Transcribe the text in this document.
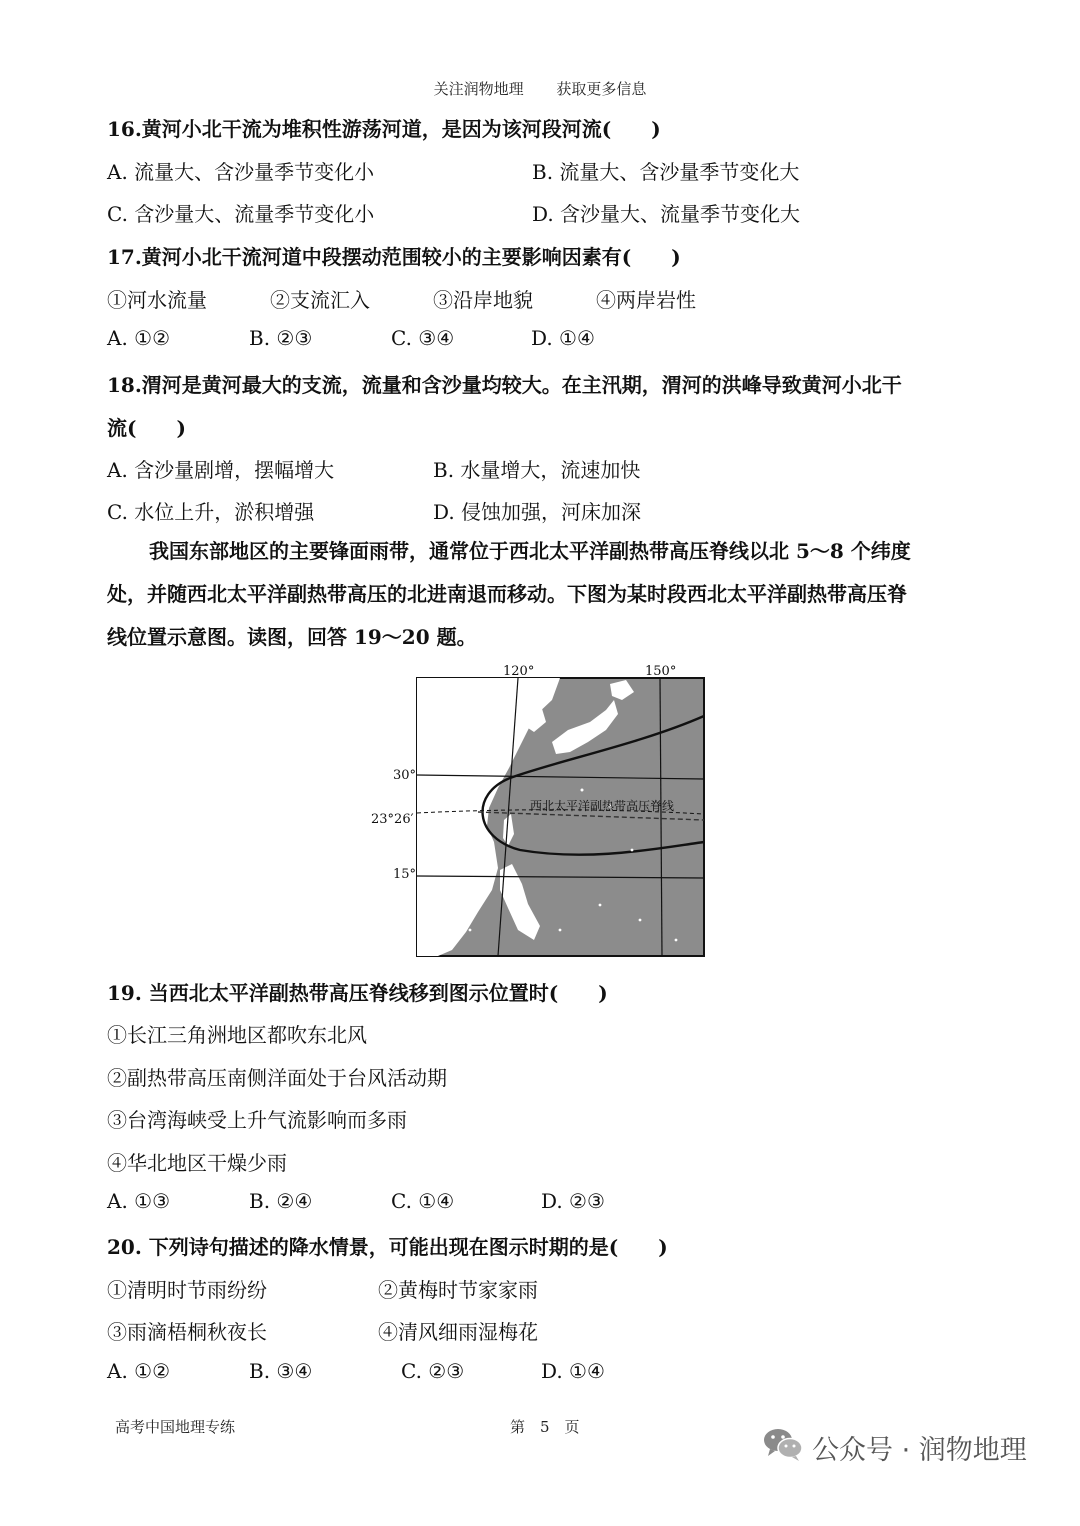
关注润物地理 获取更多信息
16.黄河小北干流为堆积性游荡河道，是因为该河段河流(　　)
A. 流量大、含沙量季节变化小	B. 流量大、含沙量季节变化大
C. 含沙量大、流量季节变化小	D. 含沙量大、流量季节变化大
17.黄河小北干流河道中段摆动范围较小的主要影响因素有(　　)
①河水流量	②支流汇入	③沿岸地貌	④两岸岩性
A. ①②	B. ②③	C. ③④	D. ①④
18.渭河是黄河最大的支流，流量和含沙量均较大。在主汛期，渭河的洪峰导致黄河小北干
流(　　)
A. 含沙量剧增，摆幅增大	B. 水量增大，流速加快
C. 水位上升，淤积增强	D. 侵蚀加强，河床加深
我国东部地区的主要锋面雨带，通常位于西北太平洋副热带高压脊线以北 5～8 个纬度
处，并随西北太平洋副热带高压的北进南退而移动。下图为某时段西北太平洋副热带高压脊
线位置示意图。读图，回答 19～20 题。
120°	150°
30°
23°26′
15°
西北太平洋副热带高压脊线
19. 当西北太平洋副热带高压脊线移到图示位置时(　　)
①长江三角洲地区都吹东北风
②副热带高压南侧洋面处于台风活动期
③台湾海峡受上升气流影响而多雨
④华北地区干燥少雨
A. ①③	B. ②④	C. ①④	D. ②③
20. 下列诗句描述的降水情景，可能出现在图示时期的是(　　)
①清明时节雨纷纷	②黄梅时节家家雨
③雨滴梧桐秋夜长	④清风细雨湿梅花
A. ①②	B. ③④	C. ②③	D. ①④
高考中国地理专练	第　5　页
公众号 · 润物地理
